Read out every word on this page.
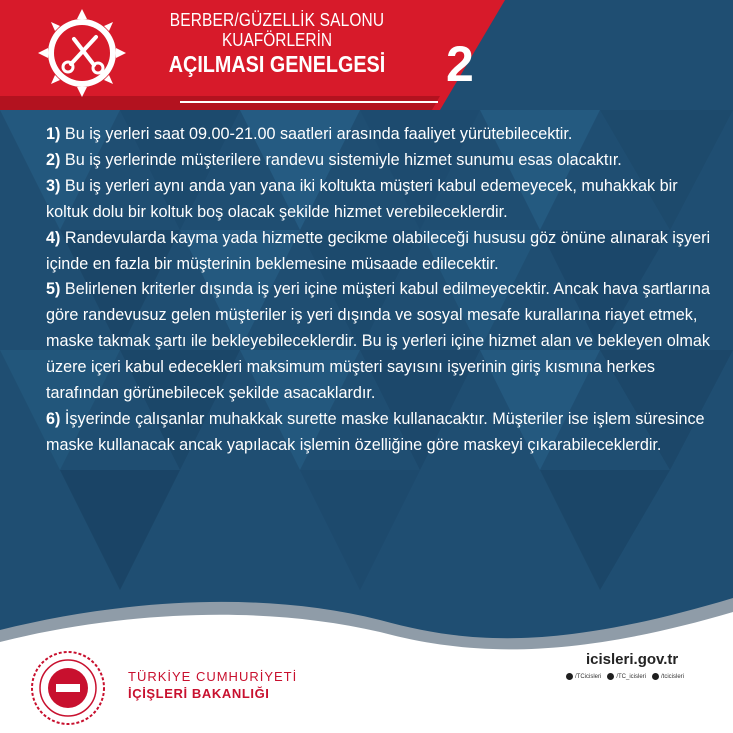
BERBER/GÜZELLİK SALONU
KUAFÖRLERİN
AÇILMASI GENELGESİ 2
1) Bu iş yerleri saat 09.00-21.00 saatleri arasında faaliyet yürütebilecektir.
2) Bu iş yerlerinde müşterilere randevu sistemiyle hizmet sunumu esas olacaktır.
3) Bu iş yerleri aynı anda yan yana iki koltukta müşteri kabul edemeyecek, muhakkak bir koltuk dolu bir koltuk boş olacak şekilde hizmet verebileceklerdir.
4) Randevularda kayma yada hizmette gecikme olabileceği hususu göz önüne alınarak işyeri içinde en fazla bir müşterinin beklemesine müsaade edilecektir.
5) Belirlenen kriterler dışında iş yeri içine müşteri kabul edilmeyecektir. Ancak hava şartlarına göre randevusuz gelen müşteriler iş yeri dışında ve sosyal mesafe kurallarına riayet etmek, maske takmak şartı ile bekleyebileceklerdir. Bu iş yerleri içine hizmet alan ve bekleyen olmak üzere içeri kabul edecekleri maksimum müşteri sayısını işyerinin giriş kısmına herkes tarafından görünebilecek şekilde asacaklardır.
6) İşyerinde çalışanlar muhakkak surette maske kullanacaktır. Müşteriler ise işlem süresince maske kullanacak ancak yapılacak işlemin özelliğine göre maskeyi çıkarabileceklerdir.
TÜRKİYE CUMHURİYETİ
İÇİŞLERİ BAKANLIĞI
icisleri.gov.tr
/TCicisleri	/TC_icisleri	/tcicisleri
